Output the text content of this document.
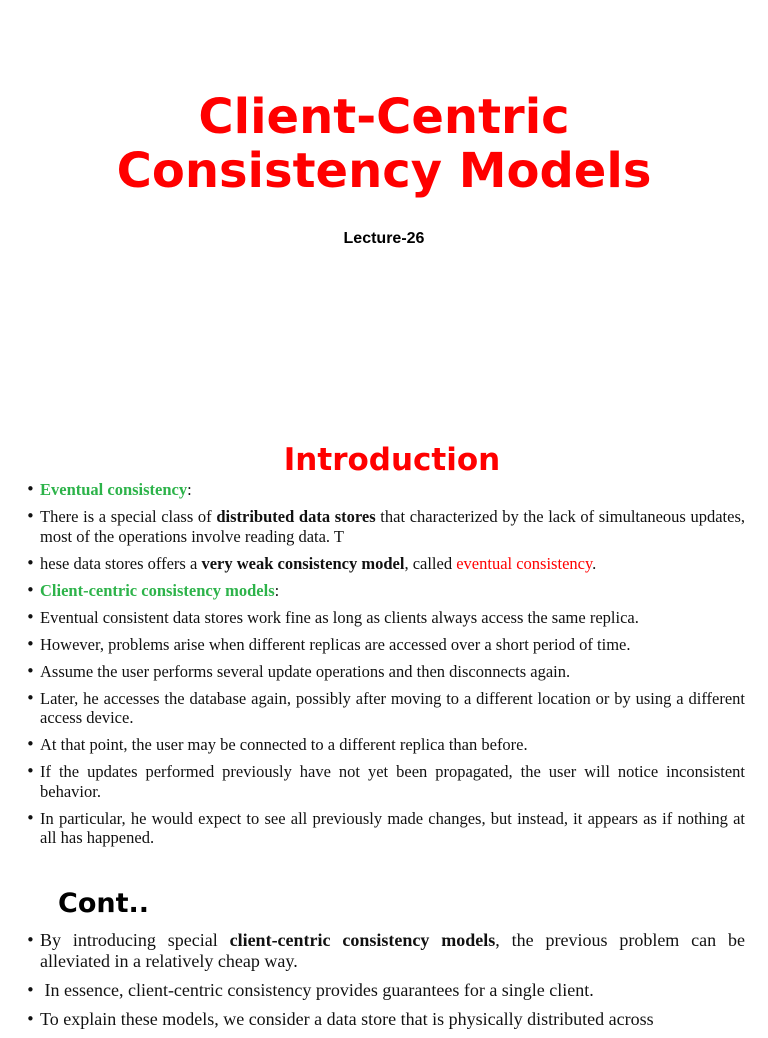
Client-Centric
Consistency Models

Lecture-26

Introduction
• Eventual consistency:
• There is a special class of distributed data stores that characterized by the lack of simultaneous updates, most of the operations involve reading data. T
• hese data stores offers a very weak consistency model, called eventual consistency.
• Client-centric consistency models:
• Eventual consistent data stores work fine as long as clients always access the same replica.
• However, problems arise when different replicas are accessed over a short period of time.
• Assume the user performs several update operations and then disconnects again.
• Later, he accesses the database again, possibly after moving to a different location or by using a different access device.
• At that point, the user may be connected to a different replica than before.
• If the updates performed previously have not yet been propagated, the user will notice inconsistent behavior.
• In particular, he would expect to see all previously made changes, but instead, it appears as if nothing at all has happened.
Cont..
• By introducing special client-centric consistency models, the previous problem can be alleviated in a relatively cheap way.
•  In essence, client-centric consistency provides guarantees for a single client.
• To explain these models, we consider a data store that is physically distributed across
